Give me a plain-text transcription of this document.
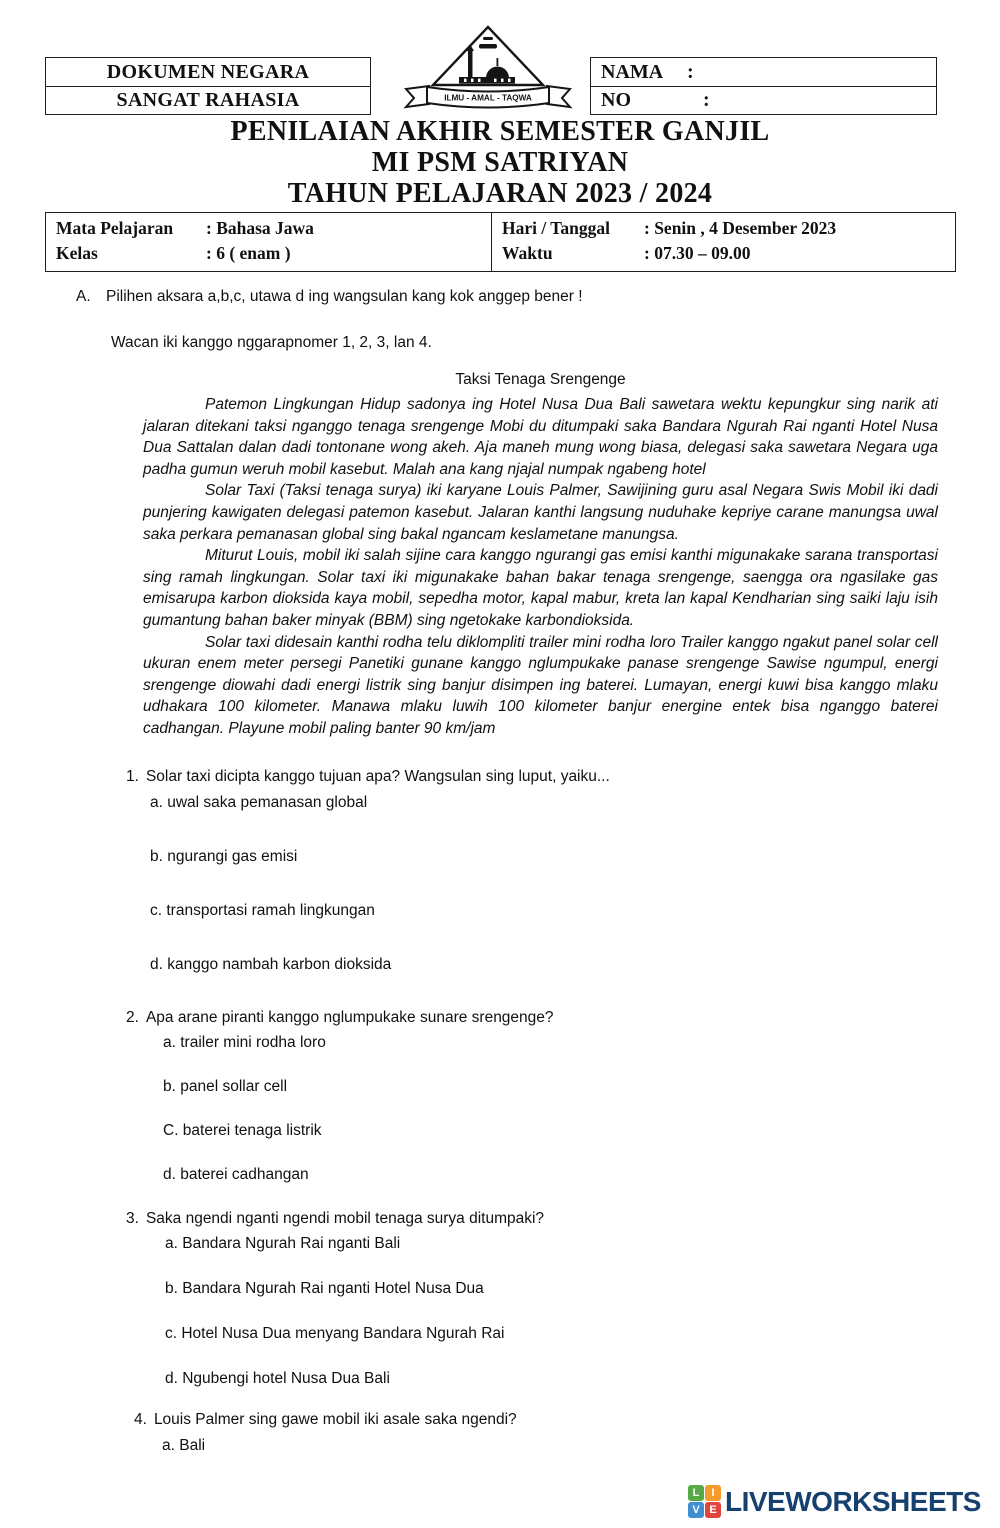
DOKUMEN NEGARA
SANGAT RAHASIA	ILMU - AMAL - TAQWA
NAMA	:
NO	:
PENILAIAN AKHIR SEMESTER GANJIL
MI PSM SATRIYAN
TAHUN PELAJARAN 2023 / 2024
Mata Pelajaran	: Bahasa Jawa
Kelas	: 6 ( enam )
Hari / Tanggal	: Senin , 4 Desember 2023
Waktu	: 07.30 – 09.00
A. Pilihen aksara a,b,c, utawa d ing wangsulan kang kok anggep bener !
Wacan iki kanggo nggarapnomer 1, 2, 3, lan 4.
Taksi Tenaga Srengenge

Patemon Lingkungan Hidup sadonya ing Hotel Nusa Dua Bali sawetara wektu kepungkur sing narik ati jalaran ditekani taksi nganggo tenaga srengenge Mobi du ditumpaki saka Bandara Ngurah Rai nganti Hotel Nusa Dua Sattalan dalan dadi tontonane wong akeh. Aja maneh mung wong biasa, delegasi saka sawetara Negara uga padha gumun weruh mobil kasebut. Malah ana kang njajal numpak ngabeng hotel

Solar Taxi (Taksi tenaga surya) iki karyane Louis Palmer, Sawijining guru asal Negara Swis Mobil iki dadi punjering kawigaten delegasi patemon kasebut. Jalaran kanthi langsung nuduhake kepriye carane manungsa uwal saka perkara pemanasan global sing bakal ngancam keslametane manungsa.

Miturut Louis, mobil iki salah sijine cara kanggo ngurangi gas emisi kanthi migunakake sarana transportasi sing ramah lingkungan. Solar taxi iki migunakake bahan bakar tenaga srengenge, saengga ora ngasilake gas emisarupa karbon dioksida kaya mobil, sepedha motor, kapal mabur, kreta lan kapal Kendharian sing saiki laju isih gumantung bahan baker minyak (BBM) sing ngetokake karbondioksida.

Solar taxi didesain kanthi rodha telu diklompliti trailer mini rodha loro Trailer kanggo ngakut panel solar cell ukuran enem meter persegi Panetiki gunane kanggo nglumpukake panase srengenge Sawise ngumpul, energi srengenge diowahi dadi energi listrik sing banjur disimpen ing baterei. Lumayan, energi kuwi bisa kanggo mlaku udhakara 100 kilometer. Manawa mlaku luwih 100 kilometer banjur energine entek bisa nganggo baterei cadhangan. Playune mobil paling banter 90 km/jam

1. Solar taxi dicipta kanggo tujuan apa? Wangsulan sing luput, yaiku...
a. uwal saka pemanasan global
b. ngurangi gas emisi
c. transportasi ramah lingkungan
d. kanggo nambah karbon dioksida
2. Apa arane piranti kanggo nglumpukake sunare srengenge?
a. trailer mini rodha loro
b. panel sollar cell
C. baterei tenaga listrik
d. baterei cadhangan
3. Saka ngendi nganti ngendi mobil tenaga surya ditumpaki?
a. Bandara Ngurah Rai nganti Bali
b. Bandara Ngurah Rai nganti Hotel Nusa Dua
c. Hotel Nusa Dua menyang Bandara Ngurah Rai
d. Ngubengi hotel Nusa Dua Bali
4. Louis Palmer sing gawe mobil iki asale saka ngendi?
a. Bali
L	I
V E LIVEWORKSHEETS
